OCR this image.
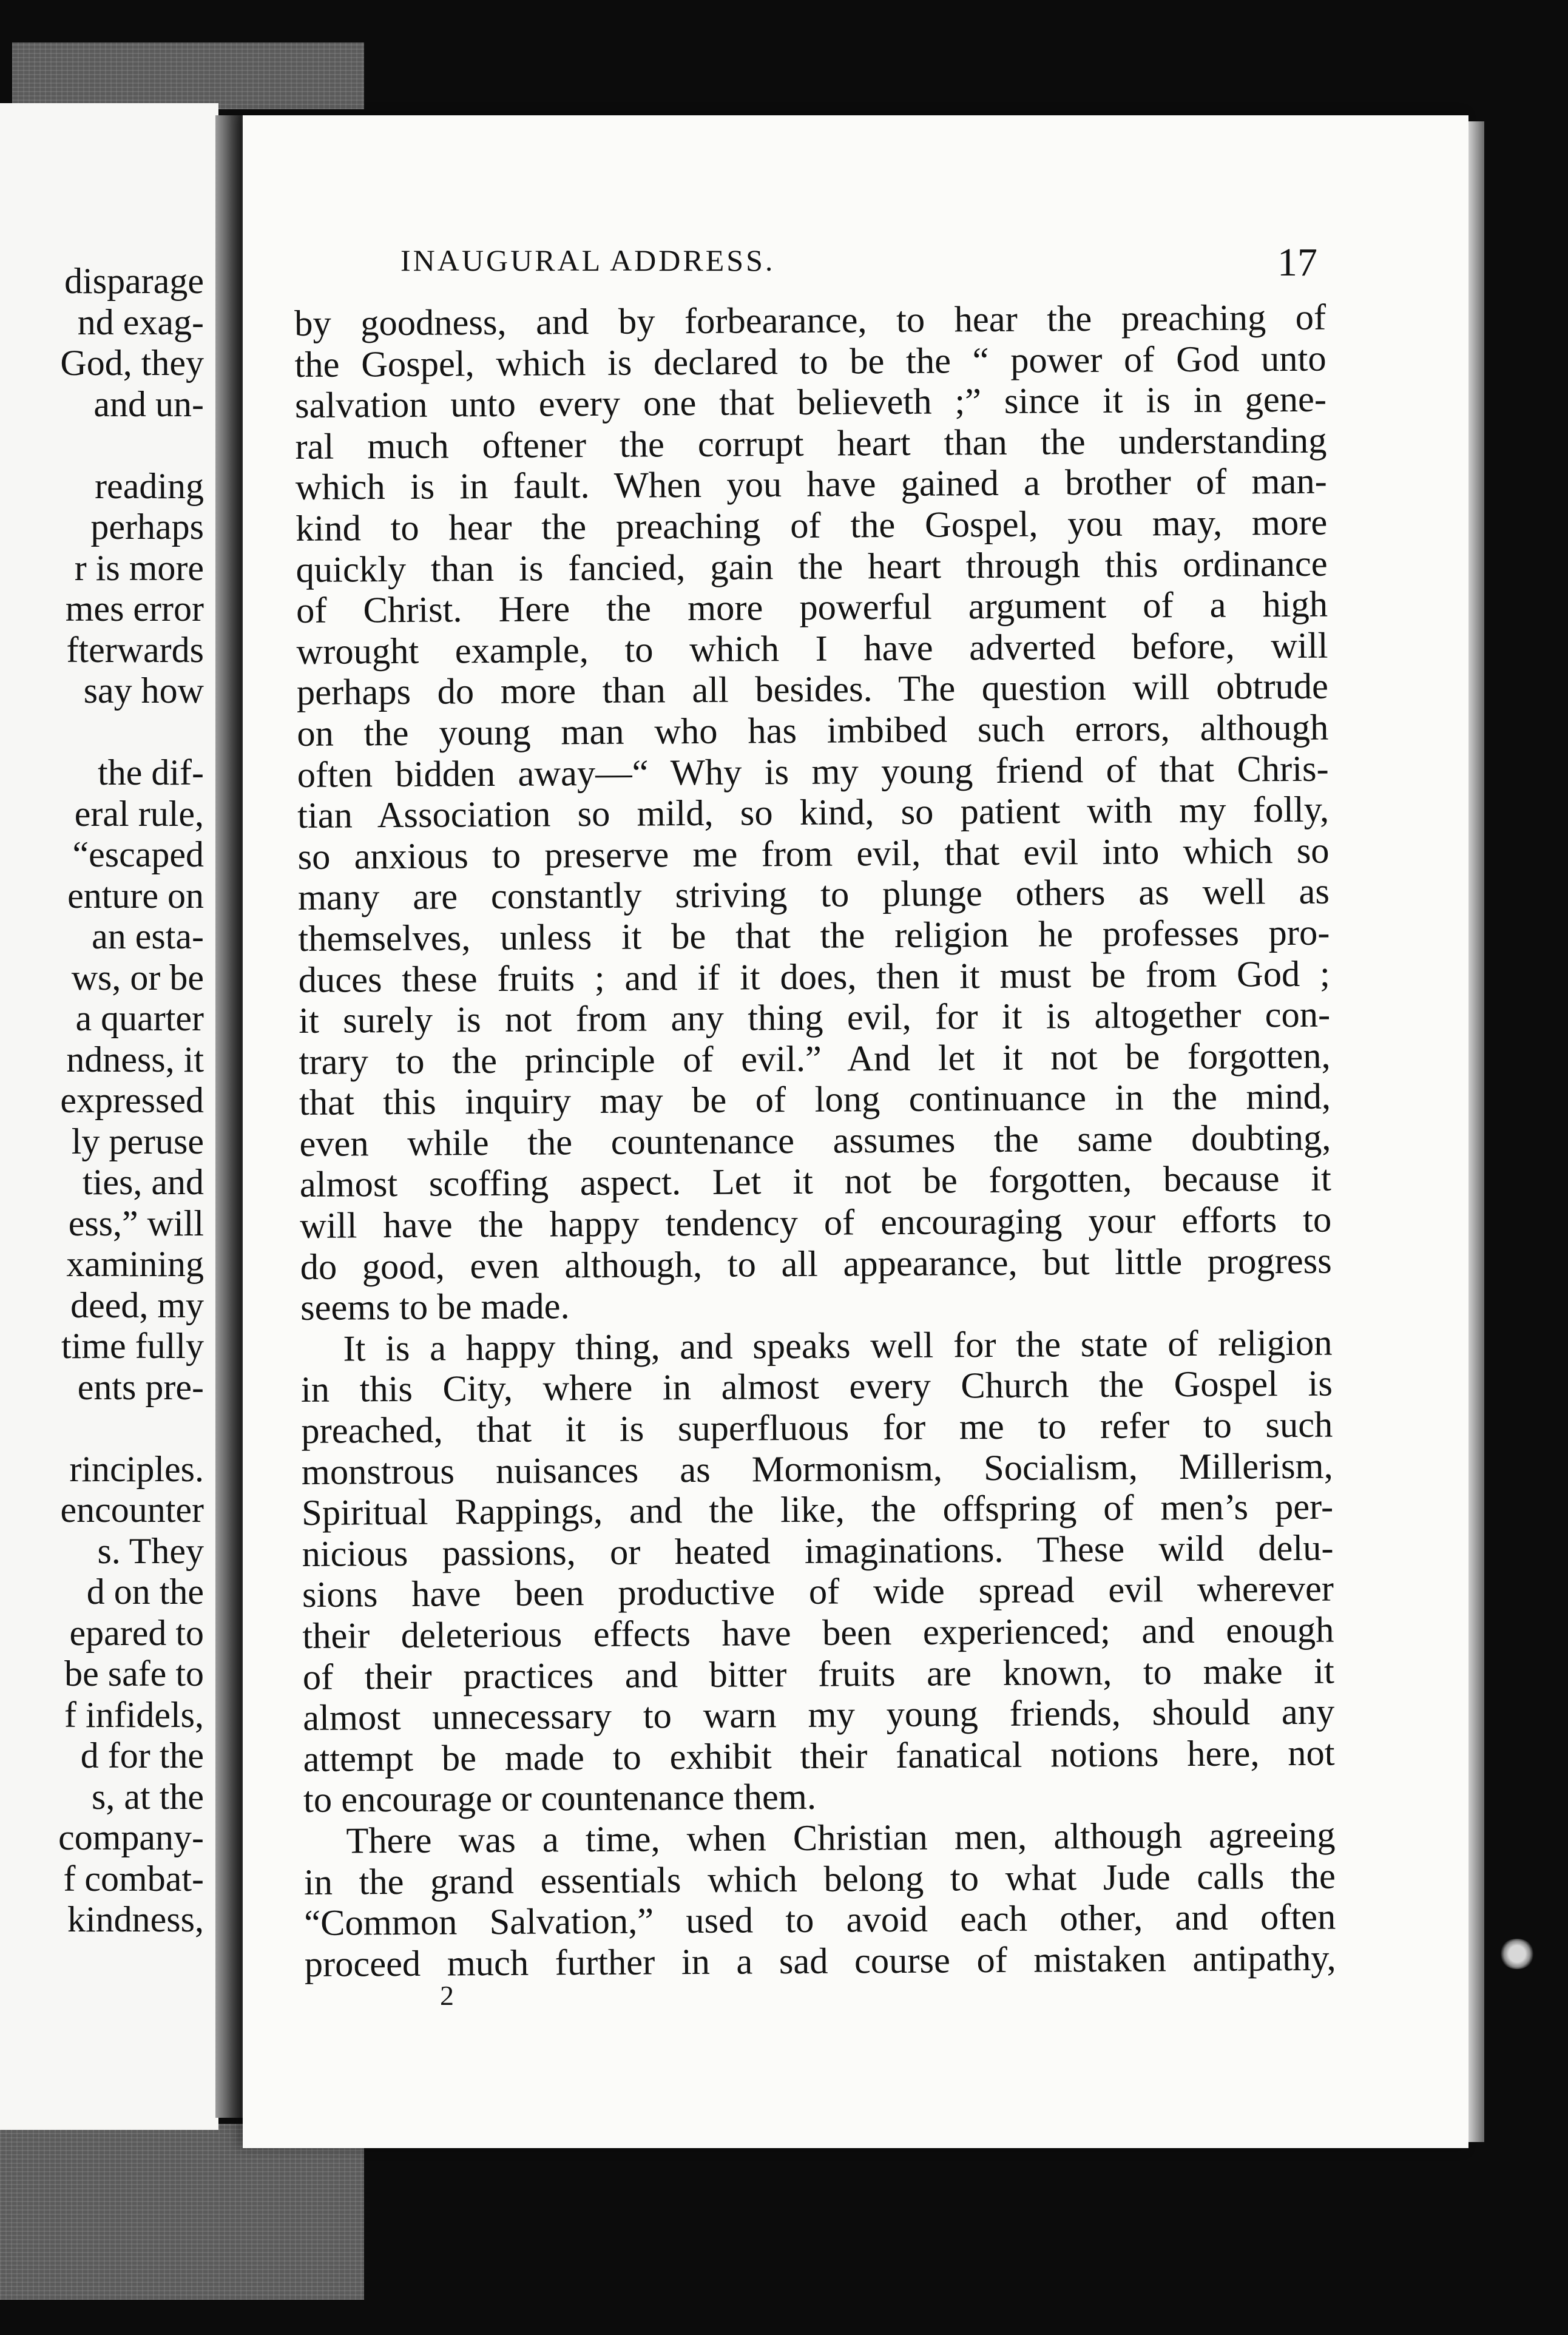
disparage
nd exag-
God, they
and un-
reading
perhaps
r is more
mes error
fterwards
say how
the dif-
eral rule,
“escaped
enture on
an esta-
ws, or be
a quarter
ndness, it
expressed
ly peruse
ties, and
ess,” will
xamining
deed, my
time fully
ents pre-
rinciples.
encounter
s. They
d on the
epared to
be safe to
f infidels,
d for the
s, at the
company-
f combat-
kindness,
INAUGURAL ADDRESS.	17
by goodness, and by forbearance, to hear the preaching of
the Gospel, which is declared to be the “ power of God unto
salvation unto every one that believeth ;” since it is in gene-
ral much oftener the corrupt heart than the understanding
which is in fault. When you have gained a brother of man-
kind to hear the preaching of the Gospel, you may, more
quickly than is fancied, gain the heart through this ordinance
of Christ. Here the more powerful argument of a high
wrought example, to which I have adverted before, will
perhaps do more than all besides. The question will obtrude
on the young man who has imbibed such errors, although
often bidden away—“ Why is my young friend of that Chris-
tian Association so mild, so kind, so patient with my folly,
so anxious to preserve me from evil, that evil into which so
many are constantly striving to plunge others as well as
themselves, unless it be that the religion he professes pro-
duces these fruits ; and if it does, then it must be from God ;
it surely is not from any thing evil, for it is altogether con-
trary to the principle of evil.” And let it not be forgotten,
that this inquiry may be of long continuance in the mind,
even while the countenance assumes the same doubting,
almost scoffing aspect. Let it not be forgotten, because it
will have the happy tendency of encouraging your efforts to
do good, even although, to all appearance, but little progress
seems to be made.
It is a happy thing, and speaks well for the state of religion
in this City, where in almost every Church the Gospel is
preached, that it is superfluous for me to refer to such
monstrous nuisances as Mormonism, Socialism, Millerism,
Spiritual Rappings, and the like, the offspring of men’s per-
nicious passions, or heated imaginations. These wild delu-
sions have been productive of wide spread evil wherever
their deleterious effects have been experienced; and enough
of their practices and bitter fruits are known, to make it
almost unnecessary to warn my young friends, should any
attempt be made to exhibit their fanatical notions here, not
to encourage or countenance them.
There was a time, when Christian men, although agreeing
in the grand essentials which belong to what Jude calls the
“Common Salvation,” used to avoid each other, and often
proceed much further in a sad course of mistaken antipathy,
2
